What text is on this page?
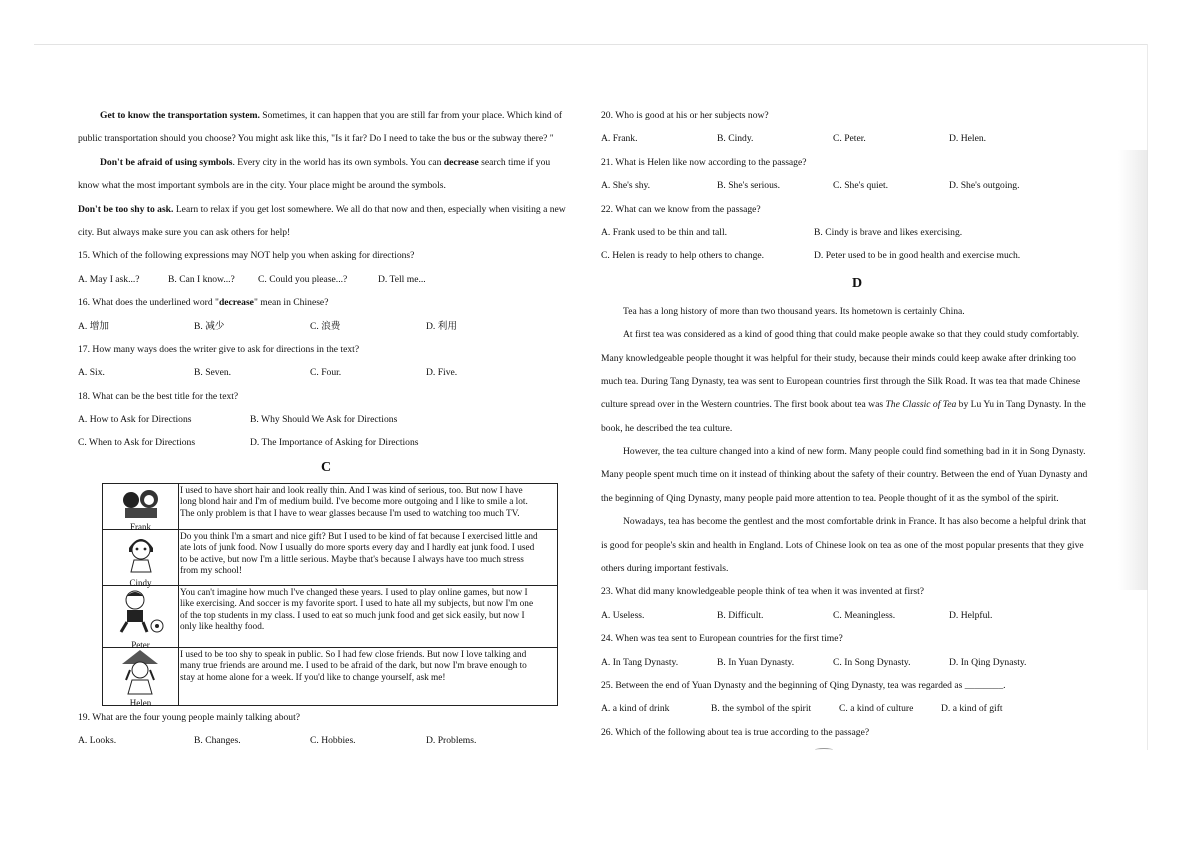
Get to know the transportation system. Sometimes, it can happen that you are still far from your place. Which kind of
public transportation should you choose? You might ask like this, "Is it far? Do I need to take the bus or the subway there? "
Don't be afraid of using symbols. Every city in the world has its own symbols. You can decrease search time if you
know what the most important symbols are in the city. Your place might be around the symbols.
Don't be too shy to ask. Learn to relax if you get lost somewhere. We all do that now and then, especially when visiting a new
city. But always make sure you can ask others for help!
15. Which of the following expressions may NOT help you when asking for directions?
A. May I ask...?	B. Can I know...?	C. Could you please...?	D. Tell me...
16. What does the underlined word "decrease" mean in Chinese?
A. 增加	B. 减少	C. 浪费	D. 利用
17. How many ways does the writer give to ask for directions in the text?
A. Six.	B. Seven.	C. Four.	D. Five.
18. What can be the best title for the text?
A. How to Ask for Directions	B. Why Should We Ask for Directions
C. When to Ask for Directions	D. The Importance of Asking for Directions
C
Frank	I used to have short hair and look really thin. And I was kind of serious, too. But now I have
long blond hair and I'm of medium build. I've become more outgoing and I like to smile a lot.
The only problem is that I have to wear glasses because I'm used to watching too much TV.

Cindy	Do you think I'm a smart and nice gift? But I used to be kind of fat because I exercised little and
ate lots of junk food. Now I usually do more sports every day and I hardly eat junk food. I used
to be active, but now I'm a little serious. Maybe that's because I always have too much stress
from my school!

Peter	You can't imagine how much I've changed these years. I used to play online games, but now I
like exercising. And soccer is my favorite sport. I used to hate all my subjects, but now I'm one
of the top students in my class. I used to eat so much junk food and get sick easily, but now I
only like healthy food.

Helen	I used to be too shy to speak in public. So I had few close friends. But now I love talking and
many true friends are around me. I used to be afraid of the dark, but now I'm brave enough to
stay at home alone for a week. If you'd like to change yourself, ask me!
19. What are the four young people mainly talking about?
A. Looks.	B. Changes.	C. Hobbies.	D. Problems.
20. Who is good at his or her subjects now?
A. Frank.	B. Cindy.	C. Peter.	D. Helen.
21. What is Helen like now according to the passage?
A. She's shy.	B. She's serious.	C. She's quiet.	D. She's outgoing.
22. What can we know from the passage?
A. Frank used to be thin and tall.	B. Cindy is brave and likes exercising.
C. Helen is ready to help others to change.	D. Peter used to be in good health and exercise much.
D
Tea has a long history of more than two thousand years. Its hometown is certainly China.
At first tea was considered as a kind of good thing that could make people awake so that they could study comfortably.
Many knowledgeable people thought it was helpful for their study, because their minds could keep awake after drinking too
much tea. During Tang Dynasty, tea was sent to European countries first through the Silk Road. It was tea that made Chinese
culture spread over in the Western countries. The first book about tea was The Classic of Tea by Lu Yu in Tang Dynasty. In the
book, he described the tea culture.
However, the tea culture changed into a kind of new form. Many people could find something bad in it in Song Dynasty.
Many people spent much time on it instead of thinking about the safety of their country. Between the end of Yuan Dynasty and
the beginning of Qing Dynasty, many people paid more attention to tea. People thought of it as the symbol of the spirit.
Nowadays, tea has become the gentlest and the most comfortable drink in France. It has also become a helpful drink that
is good for people's skin and health in England. Lots of Chinese look on tea as one of the most popular presents that they give
others during important festivals.
23. What did many knowledgeable people think of tea when it was invented at first?
A. Useless.	B. Difficult.	C. Meaningless.	D. Helpful.
24. When was tea sent to European countries for the first time?
A. In Tang Dynasty.	B. In Yuan Dynasty.	C. In Song Dynasty.	D. In Qing Dynasty.
25. Between the end of Yuan Dynasty and the beginning of Qing Dynasty, tea was regarded as ________.
A. a kind of drink	B. the symbol of the spirit	C. a kind of culture	D. a kind of gift
26. Which of the following about tea is true according to the passage?
